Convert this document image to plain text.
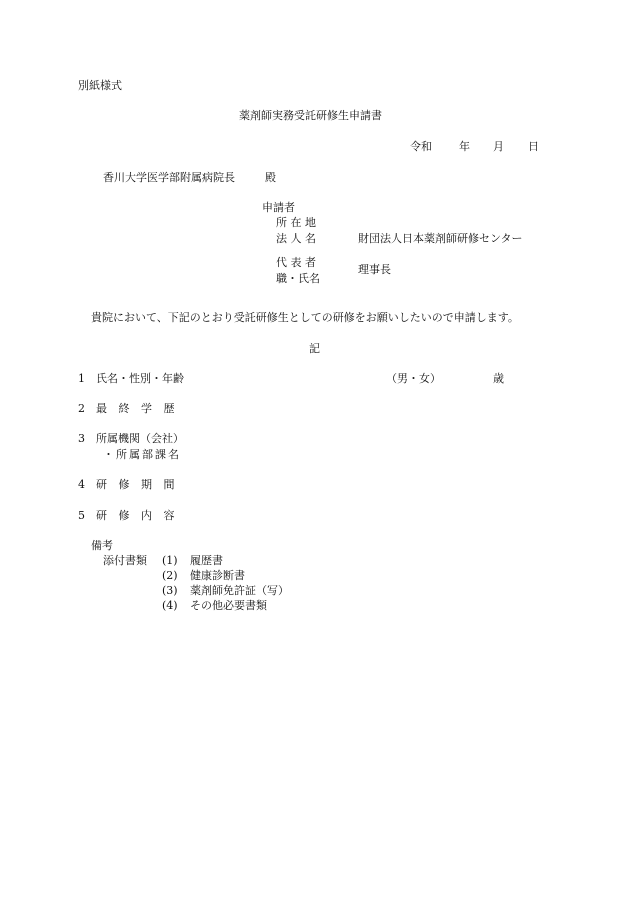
別紙様式
薬剤師実務受託研修生申請書
令和 年 月 日
香川大学医学部附属病院長	殿
申請者
所 在 地
法 人 名	財団法人日本薬剤師研修センター
代 表 者
職・氏名
理事長
貴院において、下記のとおり受託研修生としての研修をお願いしたいので申請します。
記
1 氏名・性別・年齢	（男・女）	歳
2 最 終 学 歴
3 所属機関（会社）
・所属部課名
4 研 修 期 間
5 研 修 内 容
備考
添付書類 (1) 履歴書
(2) 健康診断書
(3) 薬剤師免許証（写）
(4) その他必要書類
